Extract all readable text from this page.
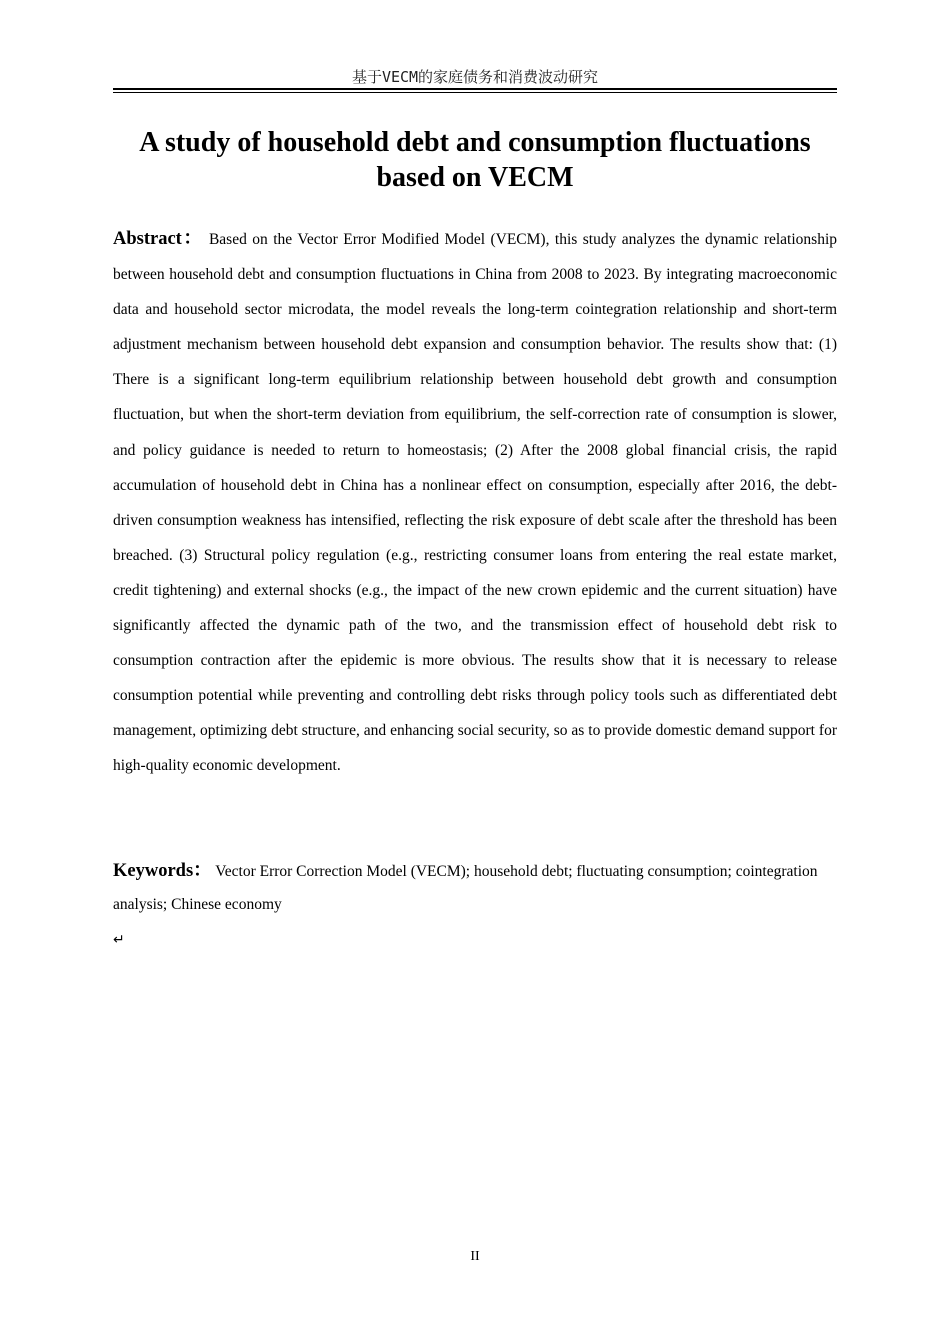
基于VECM的家庭债务和消费波动研究
A study of household debt and consumption fluctuations
based on VECM

Abstract： Based on the Vector Error Modified Model (VECM), this study analyzes the dynamic relationship between household debt and consumption fluctuations in China from 2008 to 2023. By integrating macroeconomic data and household sector microdata, the model reveals the long-term cointegration relationship and short-term adjustment mechanism between household debt expansion and consumption behavior. The results show that: (1) There is a significant long-term equilibrium relationship between household debt growth and consumption fluctuation, but when the short-term deviation from equilibrium, the self-correction rate of consumption is slower, and policy guidance is needed to return to homeostasis; (2) After the 2008 global financial crisis, the rapid accumulation of household debt in China has a nonlinear effect on consumption, especially after 2016, the debt-driven consumption weakness has intensified, reflecting the risk exposure of debt scale after the threshold has been breached. (3) Structural policy regulation (e.g., restricting consumer loans from entering the real estate market, credit tightening) and external shocks (e.g., the impact of the new crown epidemic and the current situation) have significantly affected the dynamic path of the two, and the transmission effect of household debt risk to consumption contraction after the epidemic is more obvious. The results show that it is necessary to release consumption potential while preventing and controlling debt risks through policy tools such as differentiated debt management, optimizing debt structure, and enhancing social security, so as to provide domestic demand support for high-quality economic development.

Keywords： Vector Error Correction Model (VECM); household debt; fluctuating consumption; cointegration analysis; Chinese economy

↵
II
